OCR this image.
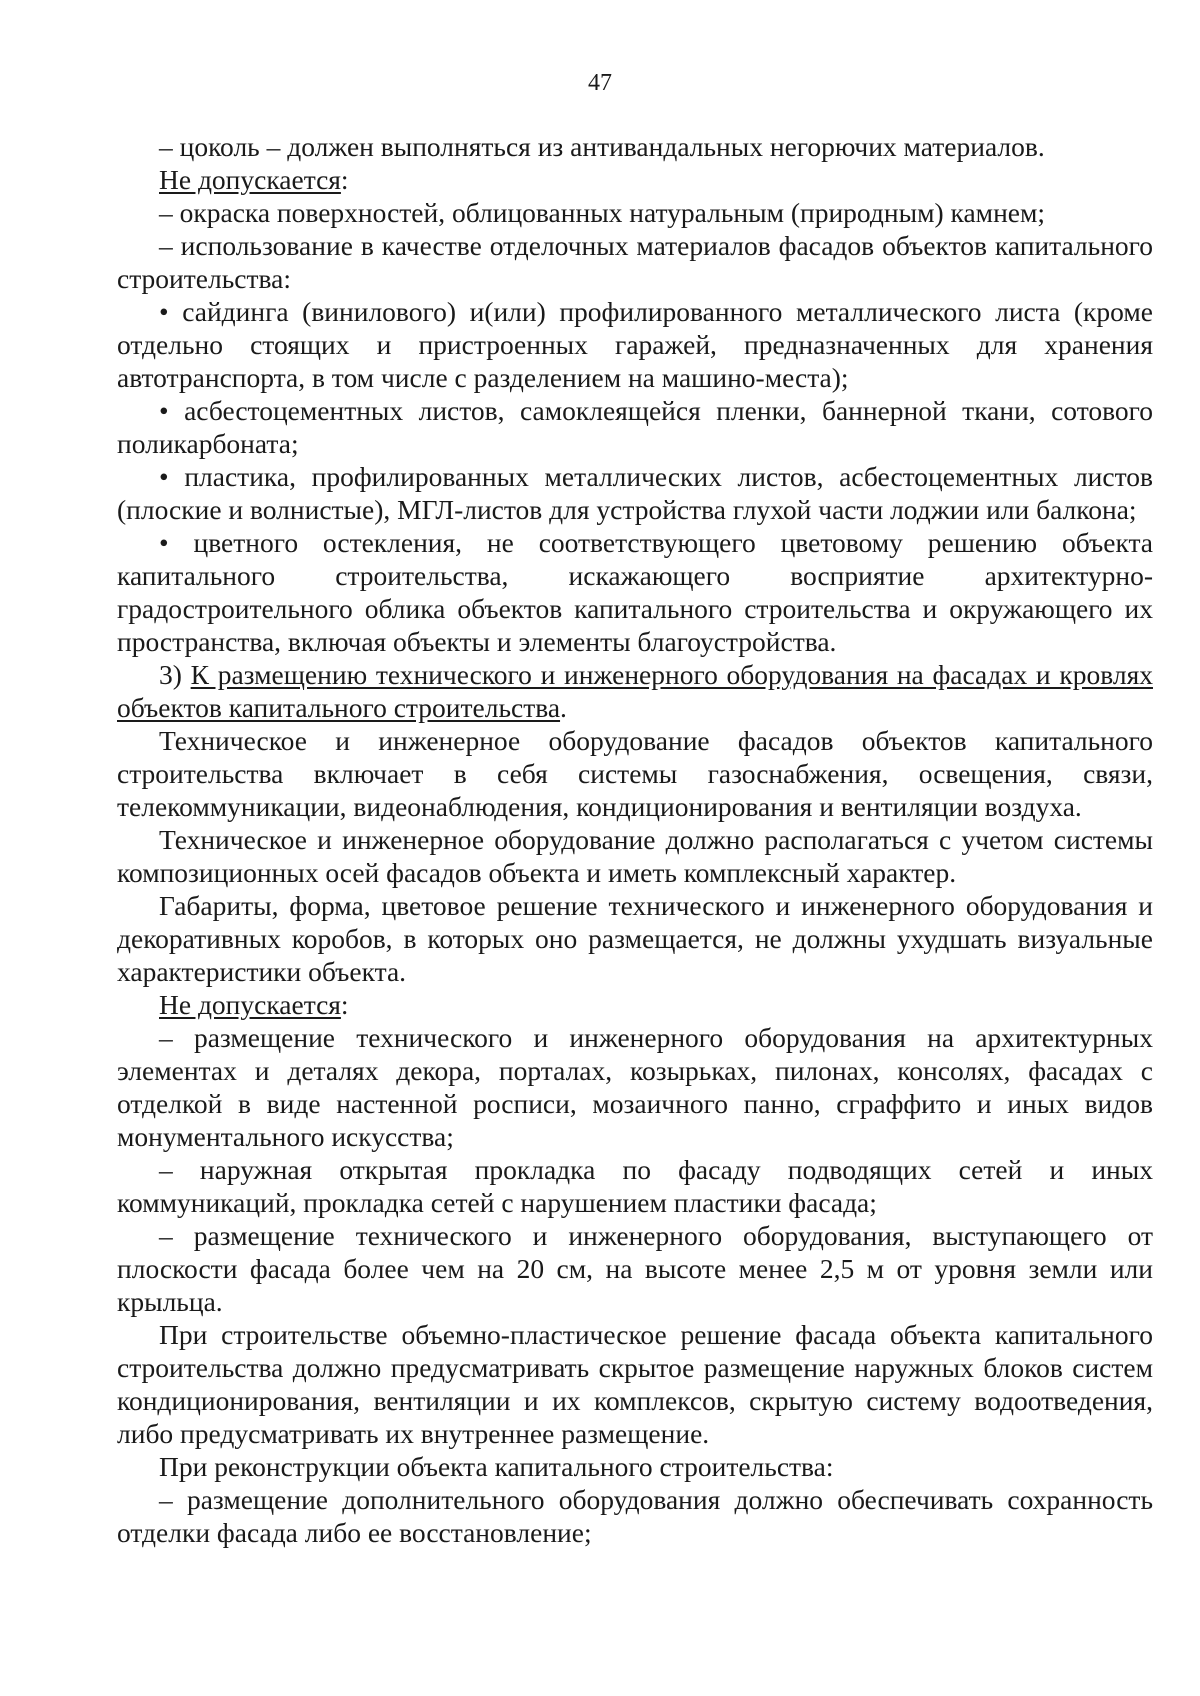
47

– цоколь – должен выполняться из антивандальных негорючих материалов.

Не допускается:

– окраска поверхностей, облицованных натуральным (природным) камнем;

– использование в качестве отделочных материалов фасадов объектов капитального строительства:

• сайдинга (винилового) и(или) профилированного металлического листа (кроме отдельно стоящих и пристроенных гаражей, предназначенных для хранения автотранспорта, в том числе с разделением на машино-места);

• асбестоцементных листов, самоклеящейся пленки, баннерной ткани, сотового поликарбоната;

• пластика, профилированных металлических листов, асбестоцементных листов (плоские и волнистые), МГЛ-листов для устройства глухой части лоджии или балкона;

• цветного остекления, не соответствующего цветовому решению объекта капитального строительства, искажающего восприятие архитектурно-градостроительного облика объектов капитального строительства и окружающего их пространства, включая объекты и элементы благоустройства.

3) К размещению технического и инженерного оборудования на фасадах и кровлях объектов капитального строительства.

Техническое и инженерное оборудование фасадов объектов капитального строительства включает в себя системы газоснабжения, освещения, связи, телекоммуникации, видеонаблюдения, кондиционирования и вентиляции воздуха.

Техническое и инженерное оборудование должно располагаться с учетом системы композиционных осей фасадов объекта и иметь комплексный характер.

Габариты, форма, цветовое решение технического и инженерного оборудования и декоративных коробов, в которых оно размещается, не должны ухудшать визуальные характеристики объекта.

Не допускается:

– размещение технического и инженерного оборудования на архитектурных элементах и деталях декора, порталах, козырьках, пилонах, консолях, фасадах с отделкой в виде настенной росписи, мозаичного панно, сграффито и иных видов монументального искусства;

– наружная открытая прокладка по фасаду подводящих сетей и иных коммуникаций, прокладка сетей с нарушением пластики фасада;

– размещение технического и инженерного оборудования, выступающего от плоскости фасада более чем на 20 см, на высоте менее 2,5 м от уровня земли или крыльца.

При строительстве объемно-пластическое решение фасада объекта капитального строительства должно предусматривать скрытое размещение наружных блоков систем кондиционирования, вентиляции и их комплексов, скрытую систему водоотведения, либо предусматривать их внутреннее размещение.

При реконструкции объекта капитального строительства:

– размещение дополнительного оборудования должно обеспечивать сохранность отделки фасада либо ее восстановление;
